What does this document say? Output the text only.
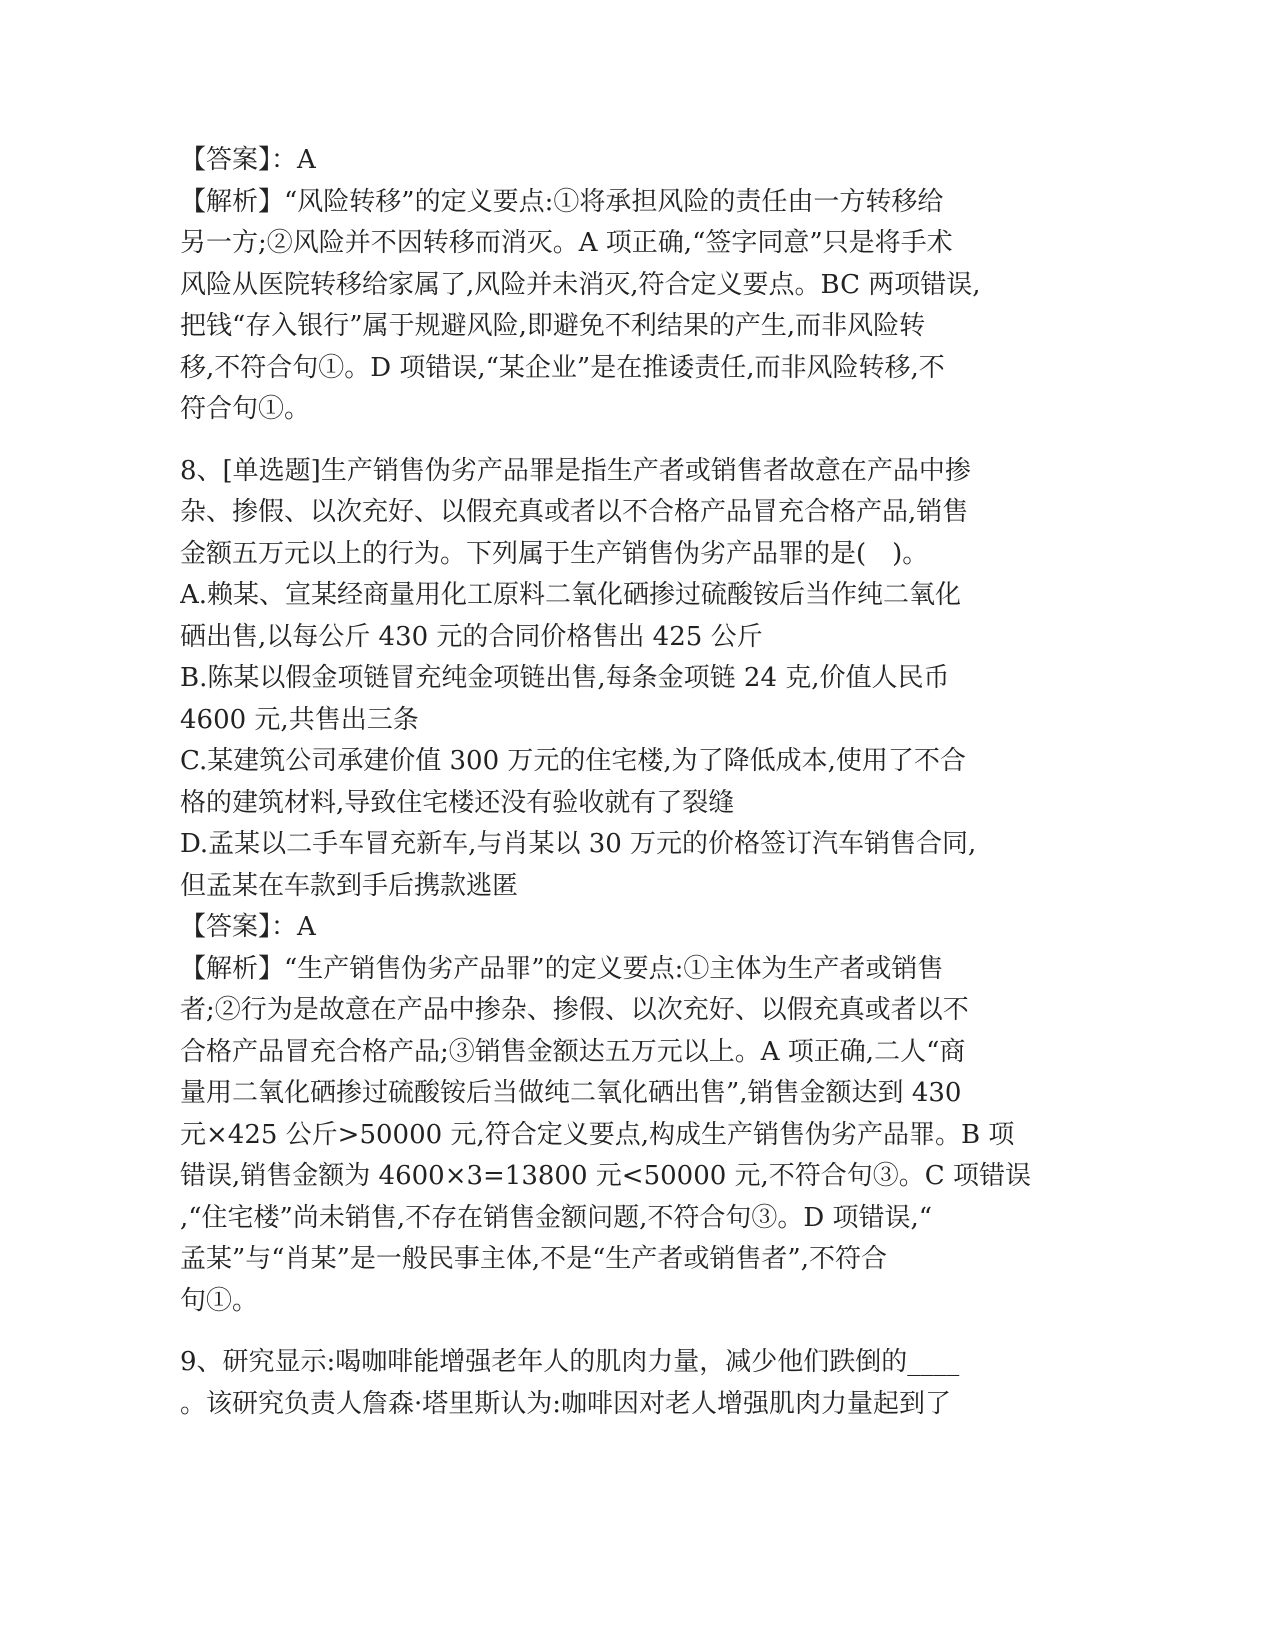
【答案】：A
【解析】“风险转移”的定义要点:①将承担风险的责任由一方转移给
另一方;②风险并不因转移而消灭。A 项正确,“签字同意”只是将手术
风险从医院转移给家属了,风险并未消灭,符合定义要点。BC 两项错误,
把钱“存入银行”属于规避风险,即避免不利结果的产生,而非风险转
移,不符合句①。D 项错误,“某企业”是在推诿责任,而非风险转移,不
符合句①。
8、[单选题]生产销售伪劣产品罪是指生产者或销售者故意在产品中掺
杂、掺假、以次充好、以假充真或者以不合格产品冒充合格产品,销售
金额五万元以上的行为。下列属于生产销售伪劣产品罪的是(　)。
A.赖某、宣某经商量用化工原料二氧化硒掺过硫酸铵后当作纯二氧化
硒出售,以每公斤 430 元的合同价格售出 425 公斤
B.陈某以假金项链冒充纯金项链出售,每条金项链 24 克,价值人民币
4600 元,共售出三条
C.某建筑公司承建价值 300 万元的住宅楼,为了降低成本,使用了不合
格的建筑材料,导致住宅楼还没有验收就有了裂缝
D.孟某以二手车冒充新车,与肖某以 30 万元的价格签订汽车销售合同,
但孟某在车款到手后携款逃匿
【答案】：A
【解析】“生产销售伪劣产品罪”的定义要点:①主体为生产者或销售
者;②行为是故意在产品中掺杂、掺假、以次充好、以假充真或者以不
合格产品冒充合格产品;③销售金额达五万元以上。A 项正确,二人“商
量用二氧化硒掺过硫酸铵后当做纯二氧化硒出售”,销售金额达到 430
元×425 公斤>50000 元,符合定义要点,构成生产销售伪劣产品罪。B 项
错误,销售金额为 4600×3=13800 元<50000 元,不符合句③。C 项错误
,“住宅楼”尚未销售,不存在销售金额问题,不符合句③。D 项错误,“
孟某”与“肖某”是一般民事主体,不是“生产者或销售者”,不符合
句①。
9、研究显示:喝咖啡能增强老年人的肌肉力量，减少他们跌倒的____
。该研究负责人詹森·塔里斯认为:咖啡因对老人增强肌肉力量起到了
